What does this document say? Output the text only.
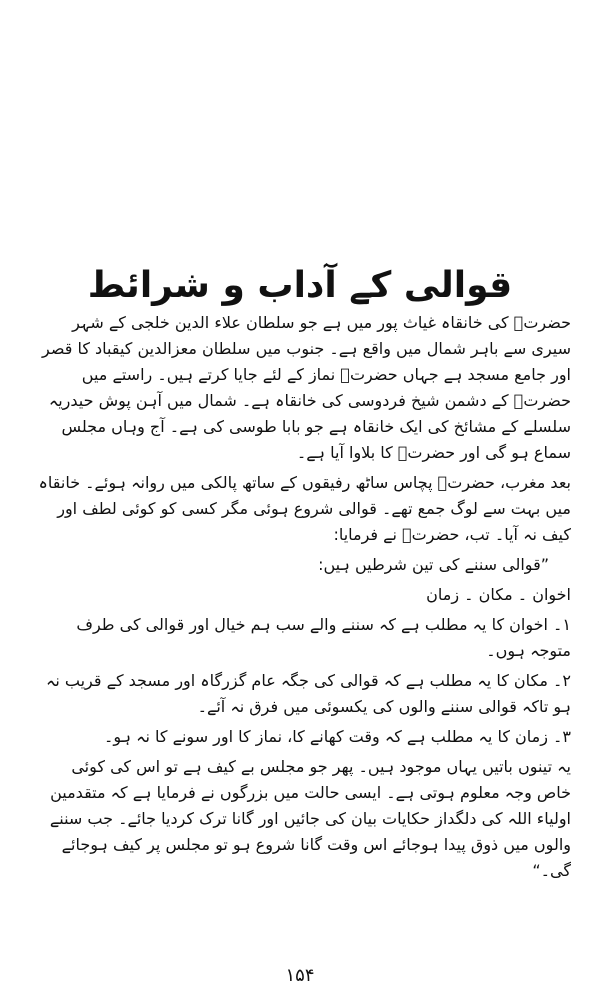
قوالی کے آداب و شرائط

حضرتؒ کی خانقاہ غیاث پور میں ہے جو سلطان علاء الدین خلجی کے شہر سیری سے باہر شمال میں واقع ہے۔ جنوب میں سلطان معزالدین کیقباد کا قصر اور جامع مسجد ہے جہاں حضرتؒ نماز کے لئے جایا کرتے ہیں۔ راستے میں حضرتؒ کے دشمن شیخ فردوسی کی خانقاہ ہے۔ شمال میں آہن پوش حیدریہ سلسلے کے مشائخ کی ایک خانقاہ ہے جو بابا طوسی کی ہے۔ آج وہاں مجلس سماع ہو گی اور حضرتؒ کا بلاوا آیا ہے۔

بعد مغرب، حضرتؒ پچاس ساٹھ رفیقوں کے ساتھ پالکی میں روانہ ہوئے۔ خانقاہ میں بہت سے لوگ جمع تھے۔ قوالی شروع ہوئی مگر کسی کو کوئی لطف اور کیف نہ آیا۔ تب، حضرتؒ نے فرمایا:

”قوالی سننے کی تین شرطیں ہیں:

اخوان ۔ مکان ۔ زمان

۱۔ اخوان کا یہ مطلب ہے کہ سننے والے سب ہم خیال اور قوالی کی طرف متوجہ ہوں۔

۲۔ مکان کا یہ مطلب ہے کہ قوالی کی جگہ عام گزرگاہ اور مسجد کے قریب نہ ہو تاکہ قوالی سننے والوں کی یکسوئی میں فرق نہ آئے۔

۳۔ زمان کا یہ مطلب ہے کہ وقت کھانے کا، نماز کا اور سونے کا نہ ہو۔

یہ تینوں باتیں یہاں موجود ہیں۔ پھر جو مجلس بے کیف ہے تو اس کی کوئی خاص وجہ معلوم ہوتی ہے۔ ایسی حالت میں بزرگوں نے فرمایا ہے کہ متقدمین اولیاء اللہ کی دلگداز حکایات بیان کی جائیں اور گانا ترک کردیا جائے۔ جب سننے والوں میں ذوق پیدا ہوجائے اس وقت گانا شروع ہو تو مجلس پر کیف ہوجائے گی۔“

۱۵۴
